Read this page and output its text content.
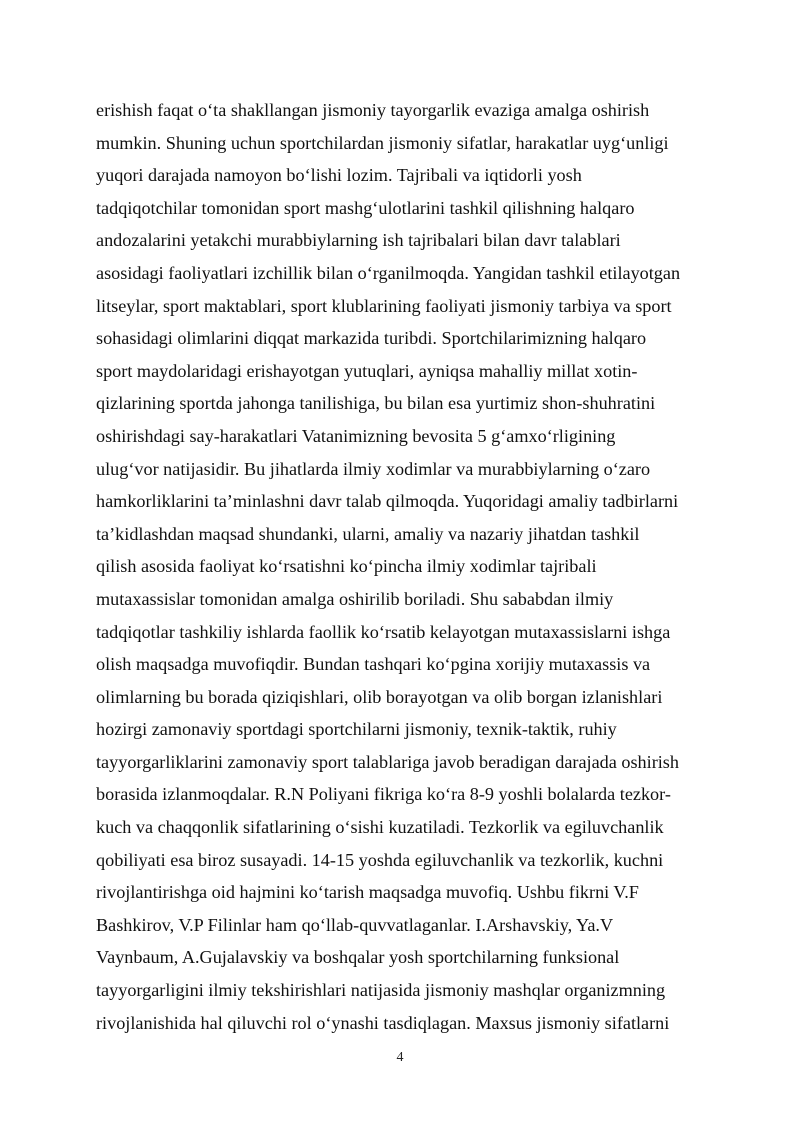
erishish faqat o‘ta shakllangan jismoniy tayorgarlik evaziga amalga oshirish
mumkin. Shuning uchun sportchilardan jismoniy sifatlar, harakatlar uyg‘unligi
yuqori darajada namoyon bo‘lishi lozim. Tajribali va iqtidorli yosh
tadqiqotchilar tomonidan sport mashg‘ulotlarini tashkil qilishning halqaro
andozalarini yetakchi murabbiylarning ish tajribalari bilan davr talablari
asosidagi faoliyatlari izchillik bilan o‘rganilmoqda. Yangidan tashkil etilayotgan
litseylar, sport maktablari, sport klublarining faoliyati jismoniy tarbiya va sport
sohasidagi olimlarini diqqat markazida turibdi. Sportchilarimizning halqaro
sport maydolaridagi erishayotgan yutuqlari, ayniqsa mahalliy millat xotin-
qizlarining sportda jahonga tanilishiga, bu bilan esa yurtimiz shon-shuhratini
oshirishdagi say-harakatlari Vatanimizning bevosita 5 g‘amxo‘rligining
ulug‘vor natijasidir. Bu jihatlarda ilmiy xodimlar va murabbiylarning o‘zaro
hamkorliklarini ta’minlashni davr talab qilmoqda. Yuqoridagi amaliy tadbirlarni
ta’kidlashdan maqsad shundanki, ularni, amaliy va nazariy jihatdan tashkil
qilish asosida faoliyat ko‘rsatishni ko‘pincha ilmiy xodimlar tajribali
mutaxassislar tomonidan amalga oshirilib boriladi. Shu sababdan ilmiy
tadqiqotlar tashkiliy ishlarda faollik ko‘rsatib kelayotgan mutaxassislarni ishga
olish maqsadga muvofiqdir. Bundan tashqari ko‘pgina xorijiy mutaxassis va
olimlarning bu borada qiziqishlari, olib borayotgan va olib borgan izlanishlari
hozirgi zamonaviy sportdagi sportchilarni jismoniy, texnik-taktik, ruhiy
tayyorgarliklarini zamonaviy sport talablariga javob beradigan darajada oshirish
borasida izlanmoqdalar. R.N Poliyani fikriga ko‘ra 8-9 yoshli bolalarda tezkor-
kuch va chaqqonlik sifatlarining o‘sishi kuzatiladi. Tezkorlik va egiluvchanlik
qobiliyati esa biroz susayadi. 14-15 yoshda egiluvchanlik va tezkorlik, kuchni
rivojlantirishga oid hajmini ko‘tarish maqsadga muvofiq. Ushbu fikrni V.F
Bashkirov, V.P Filinlar ham qo‘llab-quvvatlaganlar. I.Arshavskiy, Ya.V
Vaynbaum, A.Gujalavskiy va boshqalar yosh sportchilarning funksional
tayyorgarligini ilmiy tekshirishlari natijasida jismoniy mashqlar organizmning
rivojlanishida hal qiluvchi rol o‘ynashi tasdiqlagan. Maxsus jismoniy sifatlarni
4
